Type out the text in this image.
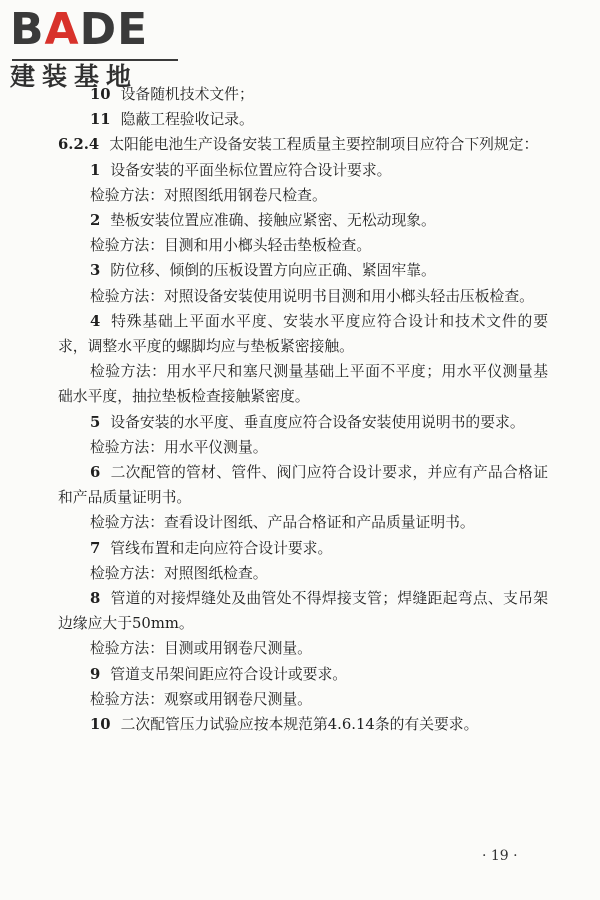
BADE
建装基地

10 设备随机技术文件；

11 隐蔽工程验收记录。

6.2.4 太阳能电池生产设备安装工程质量主要控制项目应符合下列规定：

1 设备安装的平面坐标位置应符合设计要求。

检验方法：对照图纸用钢卷尺检查。

2 垫板安装位置应准确、接触应紧密、无松动现象。

检验方法：目测和用小榔头轻击垫板检查。

3 防位移、倾倒的压板设置方向应正确、紧固牢靠。

检验方法：对照设备安装使用说明书目测和用小榔头轻击压板检查。

4 特殊基础上平面水平度、安装水平度应符合设计和技术文件的要求，调整水平度的螺脚均应与垫板紧密接触。

检验方法：用水平尺和塞尺测量基础上平面不平度；用水平仪测量基础水平度，抽拉垫板检查接触紧密度。

5 设备安装的水平度、垂直度应符合设备安装使用说明书的要求。

检验方法：用水平仪测量。

6 二次配管的管材、管件、阀门应符合设计要求，并应有产品合格证和产品质量证明书。

检验方法：查看设计图纸、产品合格证和产品质量证明书。

7 管线布置和走向应符合设计要求。

检验方法：对照图纸检查。

8 管道的对接焊缝处及曲管处不得焊接支管；焊缝距起弯点、支吊架边缘应大于50mm。

检验方法：目测或用钢卷尺测量。

9 管道支吊架间距应符合设计或要求。

检验方法：观察或用钢卷尺测量。

10 二次配管压力试验应按本规范第4.6.14条的有关要求。

· 19 ·
